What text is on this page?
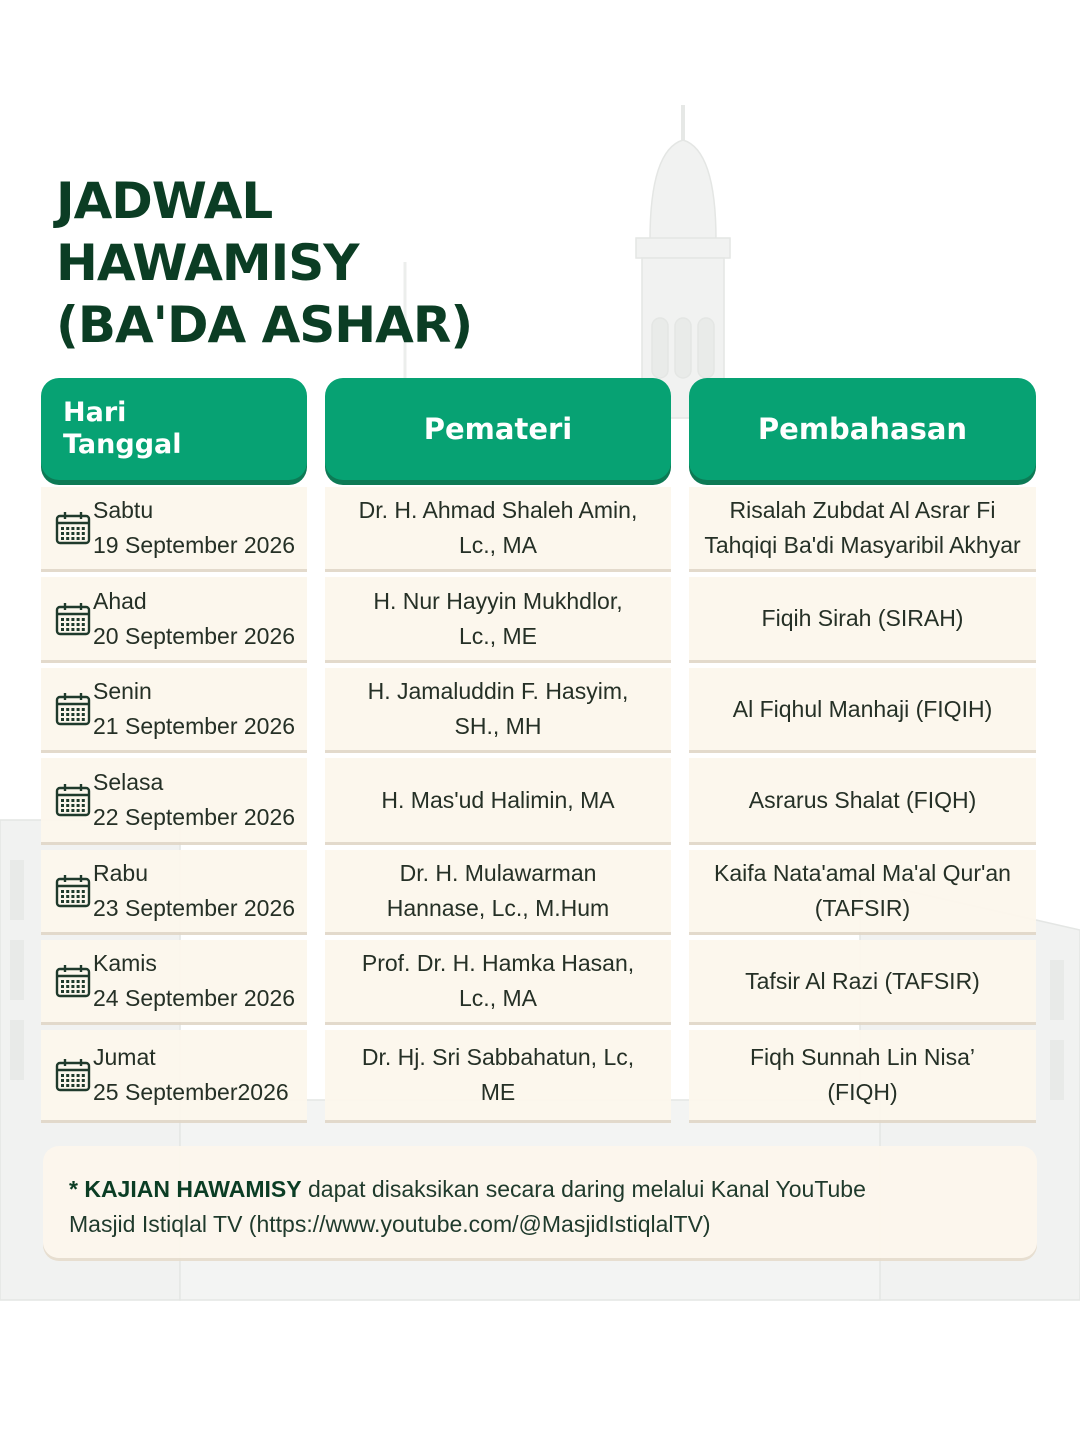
JADWAL
HAWAMISY
(BA'DA ASHAR)
Hari
Tanggal	Pemateri	Pembahasan
Sabtu
19 September 2026
Ahad
20 September 2026
Senin
21 September 2026
Selasa
22 September 2026
Rabu
23 September 2026
Kamis
24 September 2026
Jumat
25 September2026
Dr. H. Ahmad Shaleh Amin,
Lc., MA
H. Nur Hayyin Mukhdlor,
Lc., ME
H. Jamaluddin F. Hasyim,
SH., MH
H. Mas'ud Halimin, MA
Dr. H. Mulawarman
Hannase, Lc., M.Hum
Prof. Dr. H. Hamka Hasan,
Lc., MA
Dr. Hj. Sri Sabbahatun, Lc,
ME
Risalah Zubdat Al Asrar Fi
Tahqiqi Ba'di Masyaribil Akhyar
Fiqih Sirah (SIRAH)
Al Fiqhul Manhaji (FIQIH)
Asrarus Shalat (FIQH)
Kaifa Nata'amal Ma'al Qur'an
(TAFSIR)
Tafsir Al Razi (TAFSIR)
Fiqh Sunnah Lin Nisa’
(FIQH)
* KAJIAN HAWAMISY dapat disaksikan secara daring melalui Kanal YouTube
Masjid Istiqlal TV (https://www.youtube.com/@MasjidIstiqlalTV)
